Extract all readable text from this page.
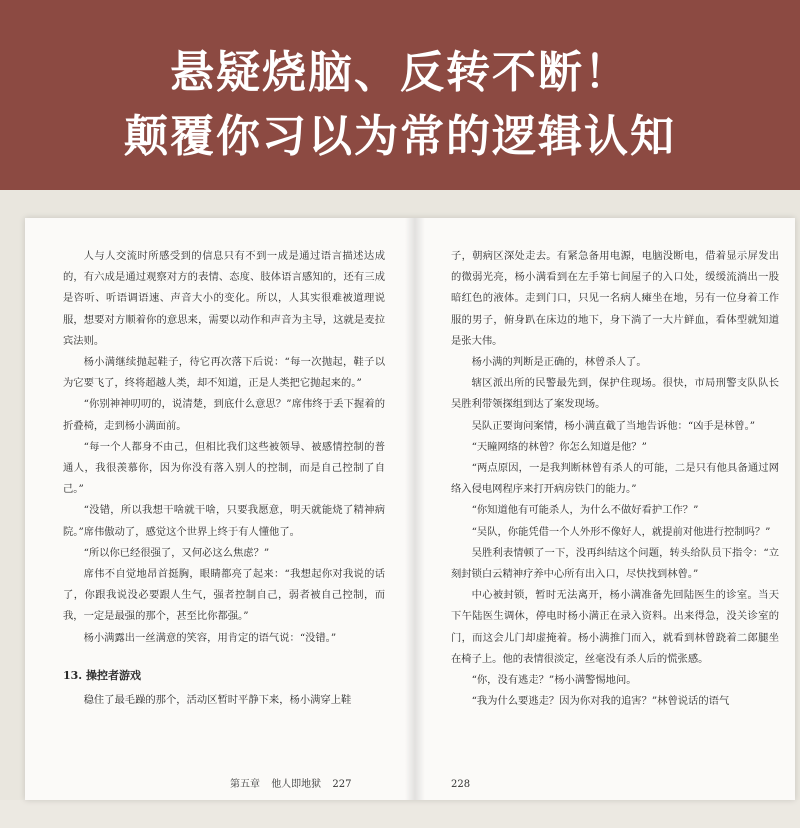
悬疑烧脑、反转不断！
颠覆你习以为常的逻辑认知

人与人交流时所感受到的信息只有不到一成是通过语言描述达成的，有六成是通过观察对方的表情、态度、肢体语言感知的，还有三成是咨听、听语调语速、声音大小的变化。所以，人其实很难被道理说服，想要对方顺着你的意思来，需要以动作和声音为主导，这就是麦拉宾法则。

杨小满继续抛起鞋子，待它再次落下后说：“每一次抛起，鞋子以为它要飞了，终将超越人类，却不知道，正是人类把它抛起来的。”

“你别神神叨叨的，说清楚，到底什么意思？”席伟终于丢下握着的折叠椅，走到杨小满面前。

“每一个人都身不由己，但相比我们这些被领导、被感情控制的普通人，我很羡慕你，因为你没有落入别人的控制，而是自己控制了自己。”

“没错，所以我想干啥就干啥，只要我愿意，明天就能烧了精神病院。”席伟傲动了，感觉这个世界上终于有人懂他了。

“所以你已经很强了，又何必这么焦虑？”

席伟不自觉地昂首挺胸，眼睛都亮了起来：“我想起你对我说的话了，你跟我说没必要跟人生气，强者控制自己，弱者被自己控制，而我，一定是最强的那个，甚至比你都强。”

杨小满露出一丝满意的笑容，用肯定的语气说：“没错。”

13. 操控者游戏

稳住了最毛躁的那个，活动区暂时平静下来，杨小满穿上鞋

子，朝病区深处走去。有紧急备用电源，电脑没断电，借着显示屏发出的微弱光亮，杨小满看到在左手第七间屋子的入口处，缓缓流淌出一股暗红色的液体。走到门口，只见一名病人瘫坐在地，另有一位身着工作服的男子，俯身趴在床边的地下，身下淌了一大片鲜血，看体型就知道是张大伟。

杨小满的判断是正确的，林曾杀人了。

辖区派出所的民警最先到，保护住现场。很快，市局刑警支队队长吴胜利带领探组到达了案发现场。

吴队正要询问案情，杨小满直截了当地告诉他：“凶手是林曾。”

“天瞳网络的林曾？你怎么知道是他？”

“两点原因，一是我判断林曾有杀人的可能，二是只有他具备通过网络入侵电网程序来打开病房铁门的能力。”

“你知道他有可能杀人，为什么不做好看护工作？”

“吴队，你能凭借一个人外形不像好人，就提前对他进行控制吗？”

吴胜利表情顿了一下，没再纠结这个问题，转头给队员下指令：“立刻封锁白云精神疗养中心所有出入口，尽快找到林曾。”

中心被封锁，暂时无法离开，杨小满准备先回陆医生的诊室。当天下午陆医生调休，停电时杨小满正在录入资料。出来得急，没关诊室的门，而这会儿门却虚掩着。杨小满推门而入，就看到林曾跷着二郎腿坐在椅子上。他的表情很淡定，丝毫没有杀人后的慌张感。

“你，没有逃走？”杨小满警惕地问。

“我为什么要逃走？因为你对我的追害？”林曾说话的语气

第五章 他人即地狱 227	228
